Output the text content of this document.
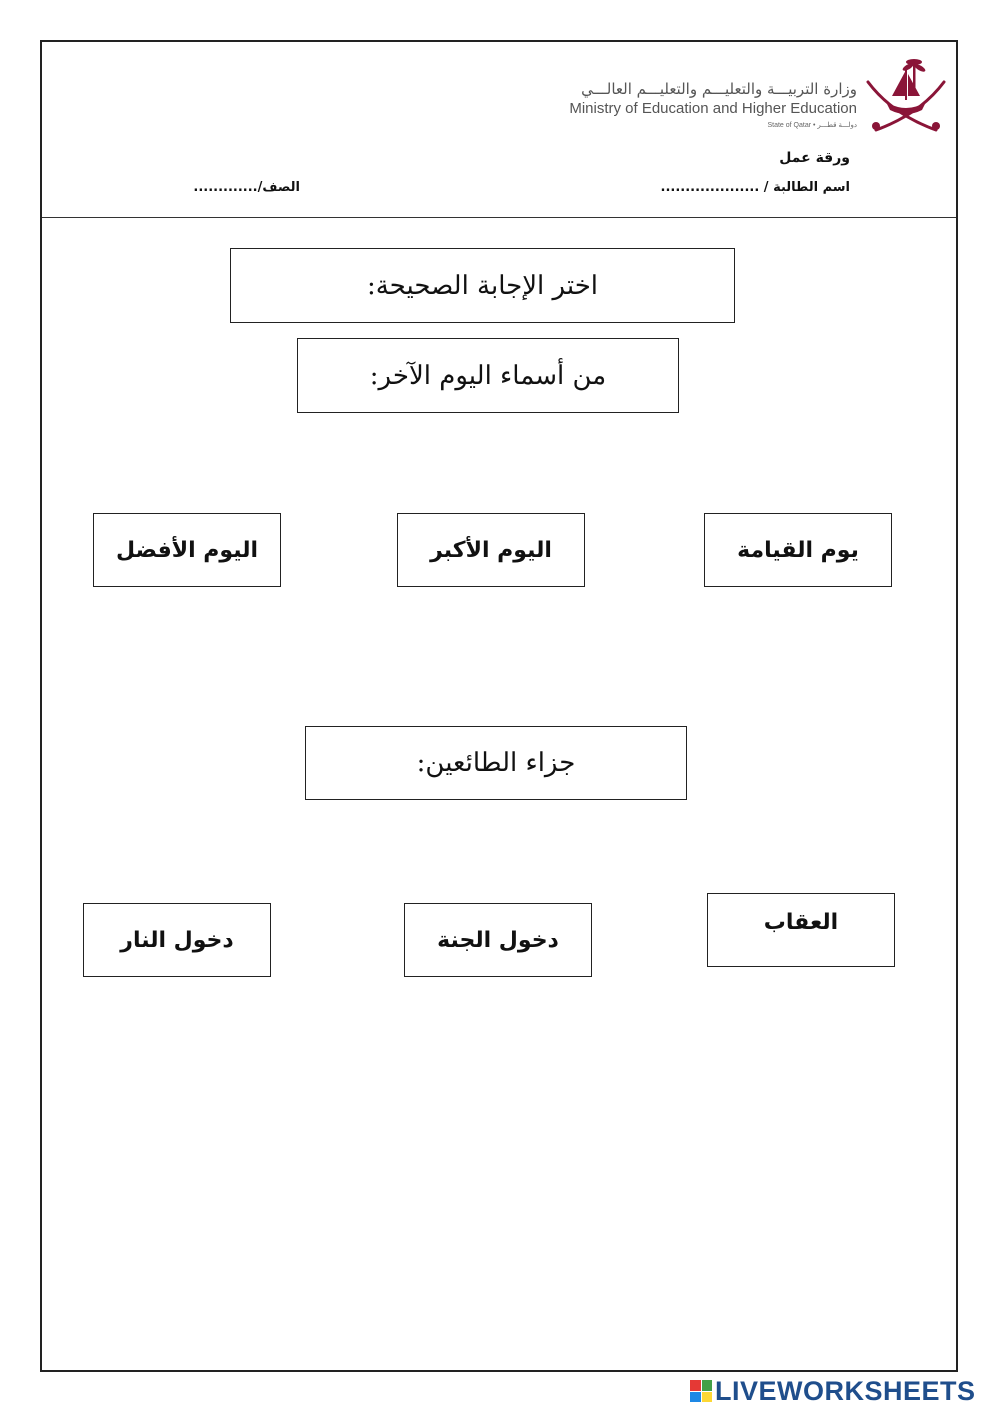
وزارة التربيـــة والتعليـــم والتعليـــم العالـــي
Ministry of Education and Higher Education
State of Qatar • دولـــة قطـــر
ورقة عمل
اسم الطالبة / ....................
الصف/.............
اختر الإجابة الصحيحة:
من أسماء اليوم الآخر:
يوم القيامة
اليوم الأكبر
اليوم الأفضل
جزاء الطائعين:
العقاب
دخول الجنة
دخول النار
LIVEWORKSHEETS
